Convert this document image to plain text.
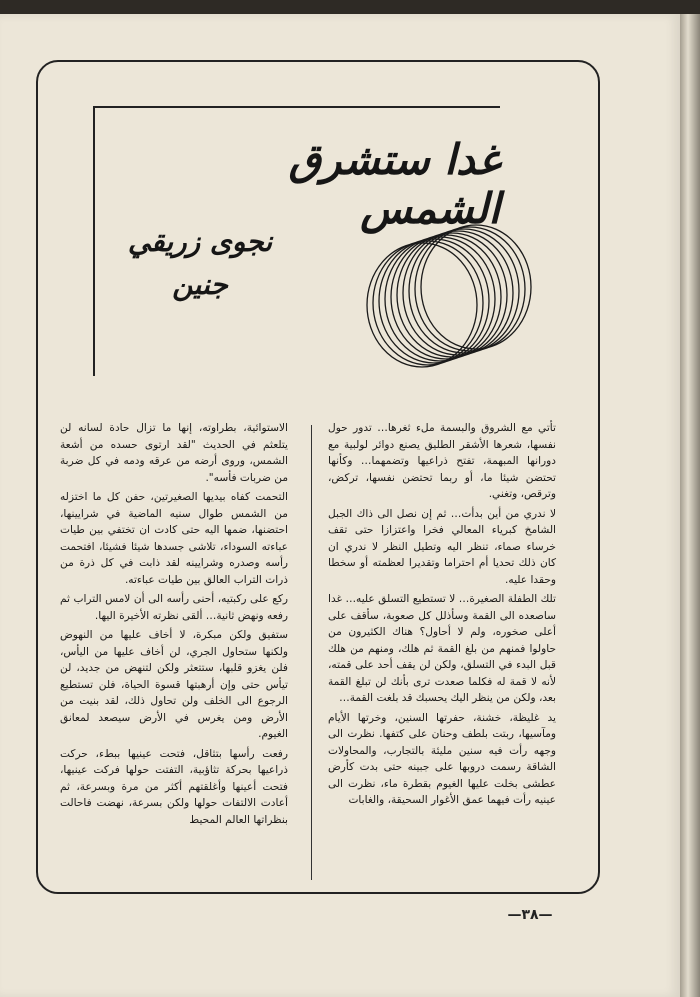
غدا ستشرق الشمس
نجوى زريقي
جنين

تأتي مع الشروق والبسمة ملء ثغرها… تدور حول نفسها، شعرها الأشقر الطليق يصنع دوائر لولبية مع دورانها المبهمة، تفتح ذراعيها وتضمهما… وكأنها تحتضن شيئا ما، أو ربما تحتضن نفسها، تركض، وترقص، وتغني.

لا ندري من أين بدأت… ثم إن نصل الى ذاك الجبل الشامخ كبرياء المعالي فخرا واعتزازا حتى تقف خرساء صماء، تنظر اليه وتطيل النظر لا ندري ان كان ذلك تحديا أم احتراما وتقديرا لعظمته أو سخطا وحقدا عليه.

تلك الطفلة الصغيرة… لا تستطيع التسلق عليه… غدا ساصعده الى القمة وسأذلل كل صعوبة، سأقف على أعلى صخوره، ولم لا أحاول؟ هناك الكثيرون من حاولوا فمنهم من بلغ القمة ثم هلك، ومنهم من هلك قبل البدء في التسلق، ولكن لن يقف أحد على قمته، لأنه لا قمة له فكلما صعدت ترى بأنك لن تبلغ القمة بعد، ولكن من ينظر اليك يحسبك قد بلغت القمة…

يد غليظة، خشنة، حفرتها السنين، وخرتها الأيام ومآسيها، ربتت بلطف وحنان على كتفها. نظرت الى وجهه رأت فيه سنين مليئة بالتجارب، والمحاولات الشاقة رسمت دروبها على جبينه حتى بدت كأرض عطشى بخلت عليها الغيوم بقطرة ماء، نظرت الى عينيه رأت فيهما عمق الأغوار السحيقة، والغابات

الاستوائية، بطراوته، إنها ما تزال حادة لسانه لن يتلعثم في الحديث "لقد ارتوى حسده من أشعة الشمس، وروى أرضه من عرقه ودمه في كل ضربة من ضربات فأسه".

التحمت كفاه بيديها الصغيرتين، حفن كل ما اختزله من الشمس طوال سنيه الماضية في شرايينها، احتضنها، ضمها اليه حتى كادت ان تختفي بين طيات عباءته السوداء، تلاشى جسدها شيئا فشيئا، افتحمت رأسه وصدره وشرايينه لقد ذابت في كل ذرة من ذرات التراب العالق بين طيات عباءته.

ركع على ركبتيه، أحنى رأسه الى أن لامس التراب ثم رفعه ونهض ثانية… ألقى نظرته الأخيرة اليها.

ستفيق ولكن مبكرة، لا أخاف عليها من النهوض ولكنها ستحاول الجري، لن أخاف عليها من اليأس، فلن يغزو قلبها، ستتعثر ولكن لتنهض من جديد، لن تيأس حتى وإن أرهبتها قسوة الحياة، فلن تستطيع الرجوع الى الخلف ولن تحاول ذلك، لقد بنيت من الأرض ومن يغرس في الأرض سيصعد لمعانق الغيوم.

رفعت رأسها بتثاقل، فتحت عينيها ببطء، حركت ذراعيها بحركة تثاؤبية، التفتت حولها فركت عينيها، فتحت أعينها وأغلقتهم أكثر من مرة وبسرعة، ثم أعادت الالتفات حولها ولكن بسرعة، نهضت فاحالت بنظراتها العالم المحيط

—٣٨—
